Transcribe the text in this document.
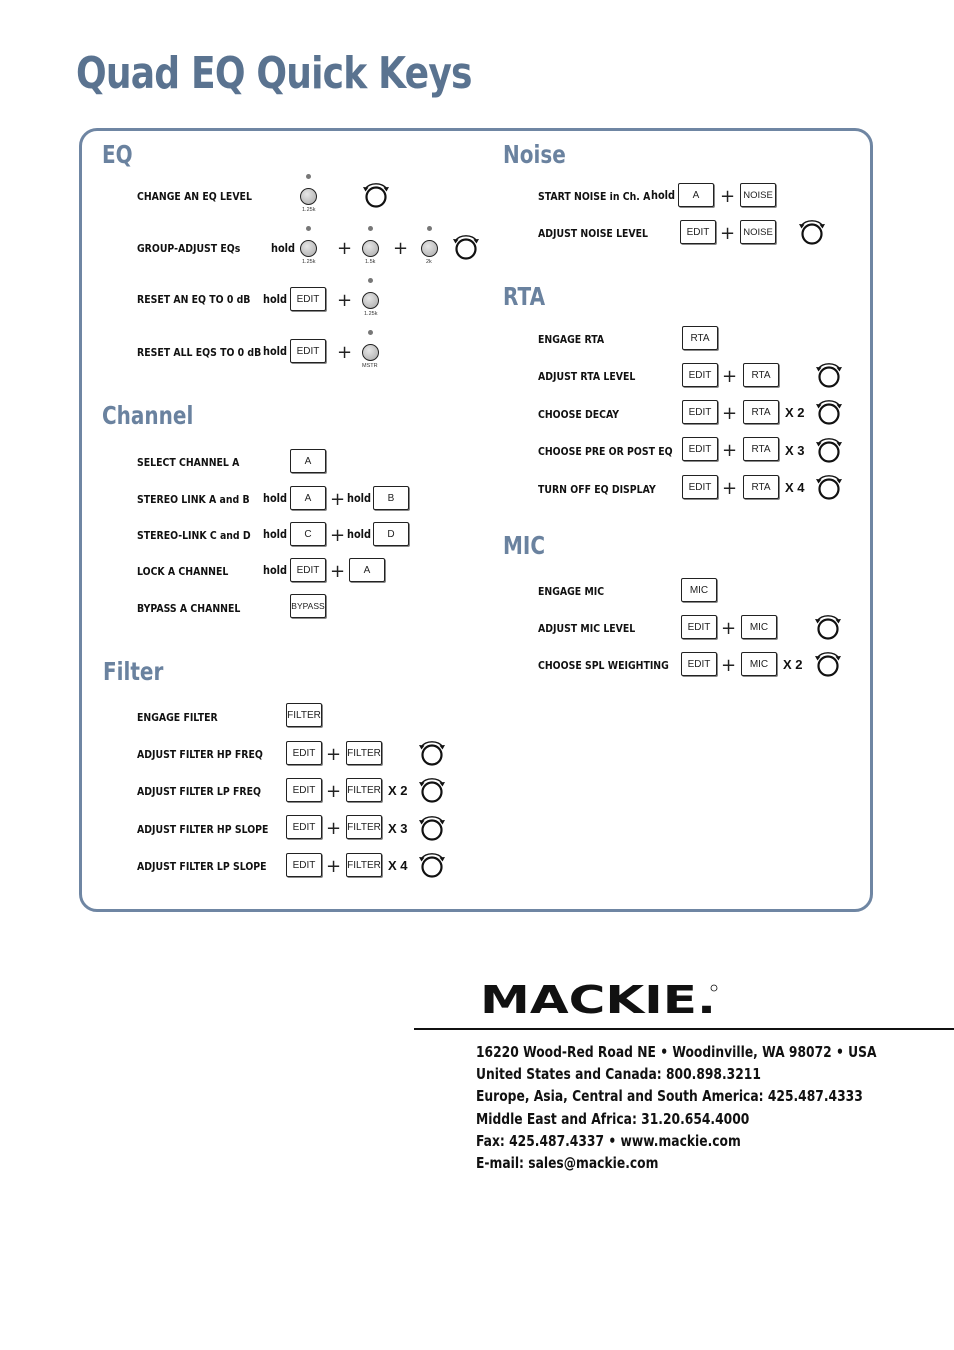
Quad EQ Quick Keys
EQ
CHANGE AN EQ LEVEL
1.25k
GROUP-ADJUST EQs	hold
1.25k
+
1.5k
+
2k
RESET AN EQ TO 0 dB hold EDIT +
1.25k
RESET ALL EQS TO 0 dB hold EDIT +
MSTR
Channel
SELECT CHANNEL A	A
STEREO LINK A and B hold	A	+ hold	B
STEREO-LINK C and D hold	C	+ hold	D
LOCK A CHANNEL	hold EDIT +	A
BYPASS A CHANNEL	BYPASS
Filter
ENGAGE FILTER	FILTER
ADJUST FILTER HP FREQ	EDIT + FILTER
ADJUST FILTER LP FREQ	EDIT + FILTER X 2
ADJUST FILTER HP SLOPE	EDIT + FILTER X 3
ADJUST FILTER LP SLOPE	EDIT + FILTER X 4
Noise
START NOISE in Ch. A hold	A	+ NOISE
ADJUST NOISE LEVEL	EDIT + NOISE
RTA
ENGAGE RTA	RTA
ADJUST RTA LEVEL	EDIT +	RTA
CHOOSE DECAY	EDIT +	RTA	X 2
CHOOSE PRE OR POST EQ	EDIT +	RTA	X 3
TURN OFF EQ DISPLAY	EDIT +	RTA	X 4
MIC
ENGAGE MIC	MIC
ADJUST MIC LEVEL	EDIT +	MIC
CHOOSE SPL WEIGHTING	EDIT +	MIC	X 2
MACKIE.
16220 Wood-Red Road NE • Woodinville, WA 98072 • USA
United States and Canada: 800.898.3211
Europe, Asia, Central and South America: 425.487.4333
Middle East and Africa: 31.20.654.4000
Fax: 425.487.4337 • www.mackie.com
E-mail: sales@mackie.com
